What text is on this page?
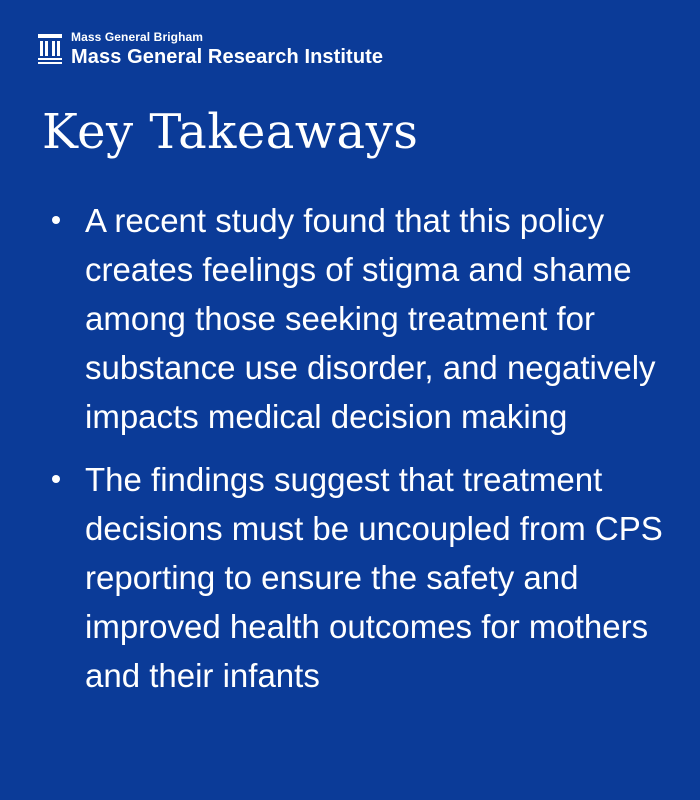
Mass General Brigham
Mass General Research Institute
Key Takeaways
A recent study found that this policy creates feelings of stigma and shame among those seeking treatment for substance use disorder, and negatively impacts medical decision making
The findings suggest that treatment decisions must be uncoupled from CPS reporting to ensure the safety and improved health outcomes for mothers and their infants
